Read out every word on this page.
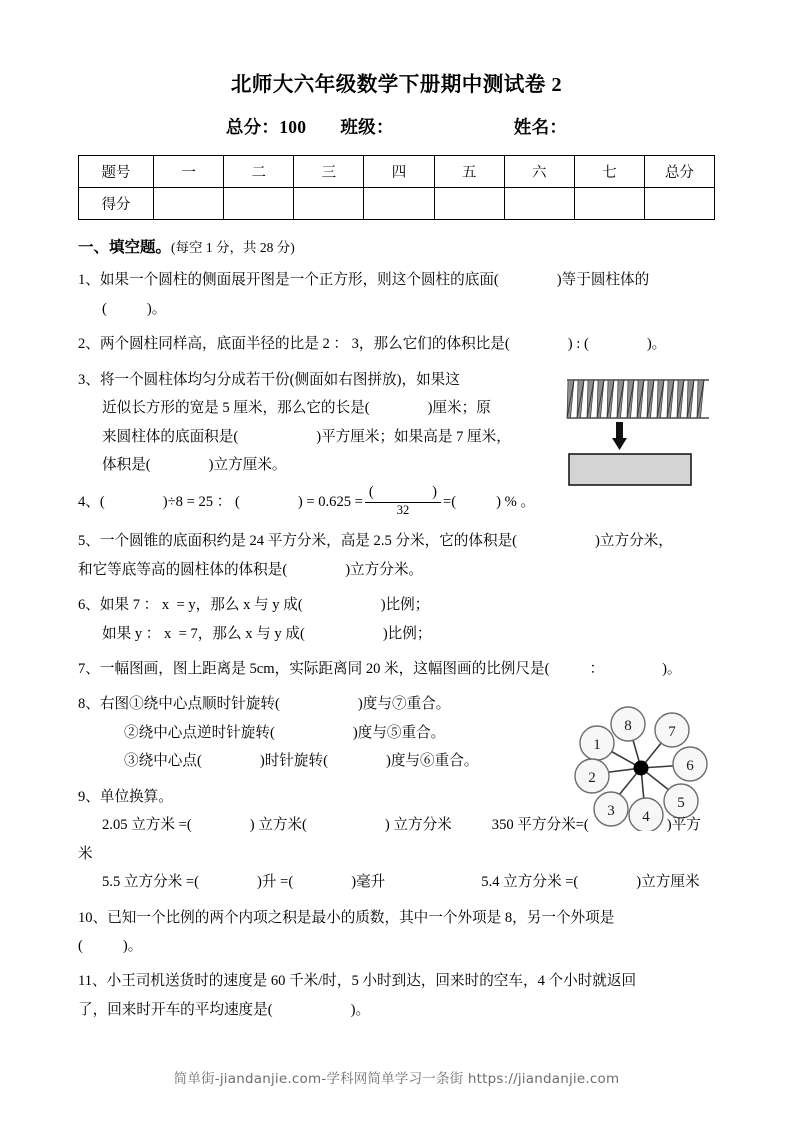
北师大六年级数学下册期中测试卷 2
总分：100 班级：	姓名：
题号	一	二	三	四	五	六	七	总分
得分								
一、填空题。(每空 1 分，共 28 分)
1、如果一个圆柱的侧面展开图是一个正方形，则这个圆柱的底面(	)等于圆柱体的
(	)。
2、两个圆柱同样高，底面半径的比是 2 ： 3，那么它们的体积比是(	) : (	)。
3、将一个圆柱体均匀分成若干份(侧面如右图拼放)，如果这
近似长方形的宽是 5 厘米，那么它的长是(	)厘米；原
来圆柱体的底面积是(	)平方厘米；如果高是 7 厘米，
体积是(	)立方厘米。
4、(	)÷8 = 25 ： (	) = $0.625 = \frac{( )}{32}$ =(	) % 。
5、一个圆锥的底面积约是 24 平方分米，高是 2.5 分米，它的体积是(	)立方分米，
和它等底等高的圆柱体的体积是(	)立方分米。
6、如果 7 ： x  = y，那么 x 与 y 成(	)比例；
如果 y ： x  = 7，那么 x 与 y 成(	)比例；
7、一幅图画，图上距离是 5cm，实际距离同 20 米，这幅图画的比例尺是(	：	)。
8、右图①绕中心点顺时针旋转(	)度与⑦重合。
②绕中心点逆时针旋转(	)度与⑤重合。
③绕中心点(	)时针旋转(	)度与⑥重合。
1
2
3 4
5
6
7
8
9、单位换算。
2.05 立方米 =(	) 立方米(	) 立方分米	350 平方分米=(	)平方米
5.5 立方分米 =(	)升 =(	)毫升	5.4 立方分米 =(	)立方厘米
10、已知一个比例的两个内项之积是最小的质数，其中一个外项是 8，另一个外项是
(	)。
11、小王司机送货时的速度是 60 千米/时，5 小时到达，回来时的空车，4 个小时就返回
了，回来时开车的平均速度是(	)。
简单街-jiandanjie.com-学科网简单学习一条街 https://jiandanjie.com
